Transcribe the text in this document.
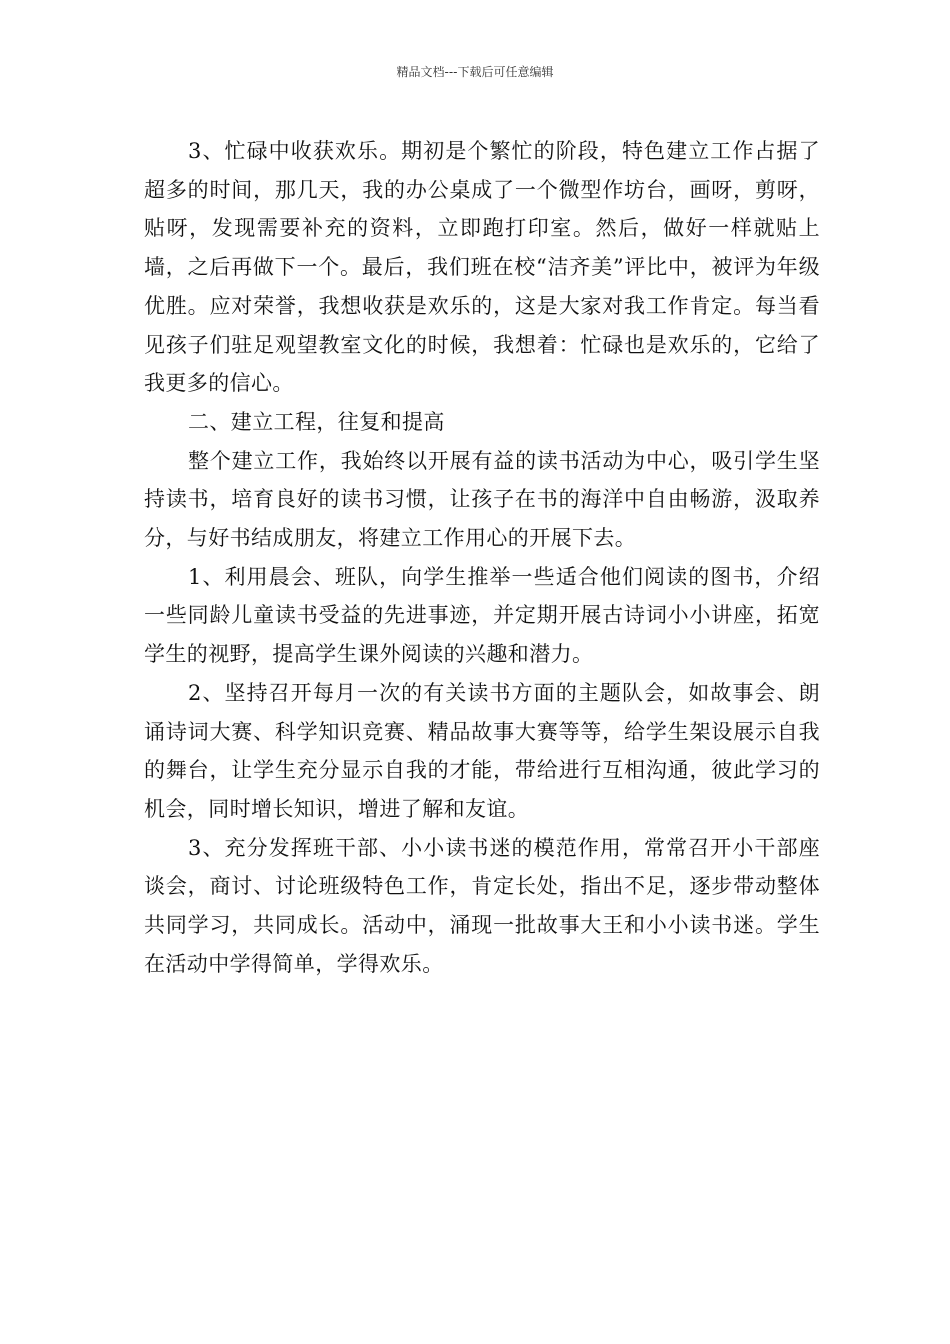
精品文档---下载后可任意编辑

3、忙碌中收获欢乐。期初是个繁忙的阶段，特色建立工作占据了超多的时间，那几天，我的办公桌成了一个微型作坊台，画呀，剪呀，贴呀，发现需要补充的资料，立即跑打印室。然后，做好一样就贴上墙，之后再做下一个。最后，我们班在校“洁齐美”评比中，被评为年级优胜。应对荣誉，我想收获是欢乐的，这是大家对我工作肯定。每当看见孩子们驻足观望教室文化的时候，我想着：忙碌也是欢乐的，它给了我更多的信心。

二、建立工程，往复和提高

整个建立工作，我始终以开展有益的读书活动为中心，吸引学生坚持读书，培育良好的读书习惯，让孩子在书的海洋中自由畅游，汲取养分，与好书结成朋友，将建立工作用心的开展下去。

1、利用晨会、班队，向学生推举一些适合他们阅读的图书，介绍一些同龄儿童读书受益的先进事迹，并定期开展古诗词小小讲座，拓宽学生的视野，提高学生课外阅读的兴趣和潜力。

2、坚持召开每月一次的有关读书方面的主题队会，如故事会、朗诵诗词大赛、科学知识竞赛、精品故事大赛等等，给学生架设展示自我的舞台，让学生充分显示自我的才能，带给进行互相沟通，彼此学习的机会，同时增长知识，增进了解和友谊。

3、充分发挥班干部、小小读书迷的模范作用，常常召开小干部座谈会，商讨、讨论班级特色工作，肯定长处，指出不足，逐步带动整体共同学习，共同成长。活动中，涌现一批故事大王和小小读书迷。学生在活动中学得简单，学得欢乐。
